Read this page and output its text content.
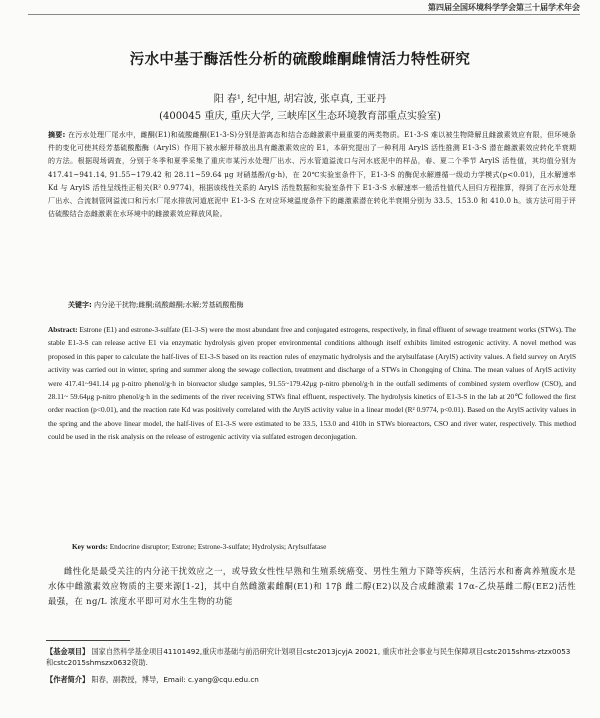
第四届全国环境科学学会第三十届学术年会
污水中基于酶活性分析的硫酸雌酮雌情活力特性研究
阳 春¹, 纪中旭, 胡宕波, 张卓真, 王亚丹
(400045 重庆, 重庆大学, 三峡库区生态环境教育部重点实验室)
摘要: 在污水处理厂尾水中，雌酮(E1)和硫酸雌酮(E1-3-S)分别是游离态和结合态雌激素中最重要的两类物质。E1-3-S 难以被生物降解且雌激素效应有限，但环境条件的变化可使其经芳基硫酸酯酶（ArylS）作用下被水解并释放出具有雌激素效应的 E1，本研究提出了一种利用 ArylS 活性推测 E1-3-S 潜在雌激素效应转化半衰期的方法。根据现场调查，分别于冬季和夏季采集了重庆市某污水处理厂出水、污水管道溢流口与河水底泥中的样品，春、夏二个季节 ArylS 活性值，其均值分别为 417.41~941.14, 91.55~179.42 和 28.11~59.64 μg 对硝基酚/(g·h)，在 20℃实验室条件下，E1-3-S 的酶促水解遵循一级动力学模式(p<0.01)，且水解速率 Kd 与 ArylS 活性呈线性正相关(R² 0.9774)，根据该线性关系的 ArylS 活性数据和实验室条件下 E1-3-S 水解速率一般活性值代人回归方程推算，得到了在污水处理厂出水、合流制管网溢流口和污水厂尾水排放河道底泥中 E1-3-S 在对应环境温度条件下的雌激素潜在转化半衰期分别为 33.5、153.0 和 410.0 h。该方法可用于评估硫酸结合态雌激素在水环境中的雌激素效应释放风险。
关键字: 内分泌干扰物;雌酮;硫酸雌酮;水解;芳基硫酸酯酶
Abstract: Estrone (E1) and estrone-3-sulfate (E1-3-S) were the most abundant free and conjugated estrogens, respectively, in final effluent of sewage treatment works (STWs). The stable E1-3-S can release active E1 via enzymatic hydrolysis given proper environmental conditions although itself exhibits limited estrogenic activity. A novel method was proposed in this paper to calculate the half-lives of E1-3-S based on its reaction rules of enzymatic hydrolysis and the arylsulfatase (ArylS) activity values. A field survey on ArylS activity was carried out in winter, spring and summer along the sewage collection, treatment and discharge of a STWs in Chongqing of China. The mean values of ArylS activity were 417.41~941.14 μg p-nitro phenol/g·h in bioreactor sludge samples, 91.55~179.42μg p-nitro phenol/g·h in the outfall sediments of combined system overflow (CSO), and 28.11~ 59.64μg p-nitro phenol/g·h in the sediments of the river receiving STWs final effluent, respectively. The hydrolysis kinetics of E1-3-S in the lab at 20℃ followed the first order reaction (p<0.01), and the reaction rate Kd was positively correlated with the ArylS activity value in a linear model (R² 0.9774, p<0.01). Based on the ArylS activity values in the spring and the above linear model, the half-lives of E1-3-S were estimated to be 33.5, 153.0 and 410h in STWs bioreactors, CSO and river water, respectively. This method could be used in the risk analysis on the release of estrogenic activity via sulfated estrogen deconjugation.
Key words: Endocrine disruptor; Estrone; Estrone-3-sulfate; Hydrolysis; Arylsulfatase
雌性化是最受关注的内分泌干扰效应之一，或导致女性性早熟和生殖系统癌变、男性生殖力下降等疾病，生活污水和畜禽养殖废水是水体中雌激素效应物质的主要来源[1-2]，其中自然雌激素雌酮(E1)和 17β 雌二醇(E2)以及合成雌激素 17α-乙炔基雌二醇(EE2)活性最强，在 ng/L 浓度水平即可对水生生物的功能
【基金项目】 国家自然科学基金项目41101492,重庆市基础与前沿研究计划项目cstc2013jcyjA 20021, 重庆市社会事业与民生保障项目cstc2015shms-ztzx0053和cstc2015shmszx0632资助.
【作者简介】 阳春，副教授，博导，Email: c.yang@cqu.edu.cn
